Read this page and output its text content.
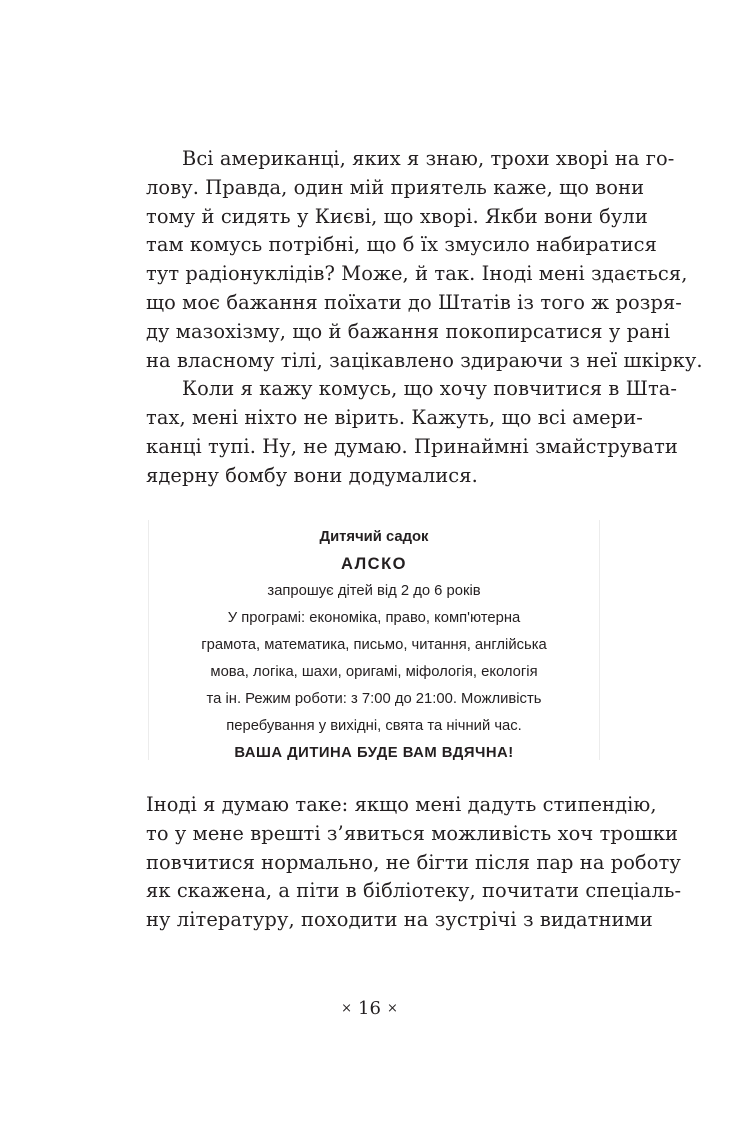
Всі американці, яких я знаю, трохи хворі на го-
лову. Правда, один мій приятель каже, що вони
тому й сидять у Києві, що хворі. Якби вони були
там комусь потрібні, що б їх змусило набиратися
тут радіонуклідів? Може, й так. Іноді мені здається,
що моє бажання поїхати до Штатів із того ж розря-
ду мазохізму, що й бажання покопирсатися у рані
на власному тілі, зацікавлено здираючи з неї шкірку.

Коли я кажу комусь, що хочу повчитися в Шта-
тах, мені ніхто не вірить. Кажуть, що всі амери-
канці тупі. Ну, не думаю. Принаймні змайструвати
ядерну бомбу вони додумалися.

Дитячий садок
АЛСКО
запрошує дітей від 2 до 6 років
У програмі: економіка, право, комп'ютерна
грамота, математика, письмо, читання, англійська
мова, логіка, шахи, оригамі, міфологія, екологія
та ін. Режим роботи: з 7:00 до 21:00. Можливість
перебування у вихідні, свята та нічний час.
ВАША ДИТИНА БУДЕ ВАМ ВДЯЧНА!

Іноді я думаю таке: якщо мені дадуть стипендію,
то у мене врешті з’явиться можливість хоч трошки
повчитися нормально, не бігти після пар на роботу
як скажена, а піти в бібліотеку, почитати спеціаль-
ну літературу, походити на зустрічі з видатними

× 16 ×
